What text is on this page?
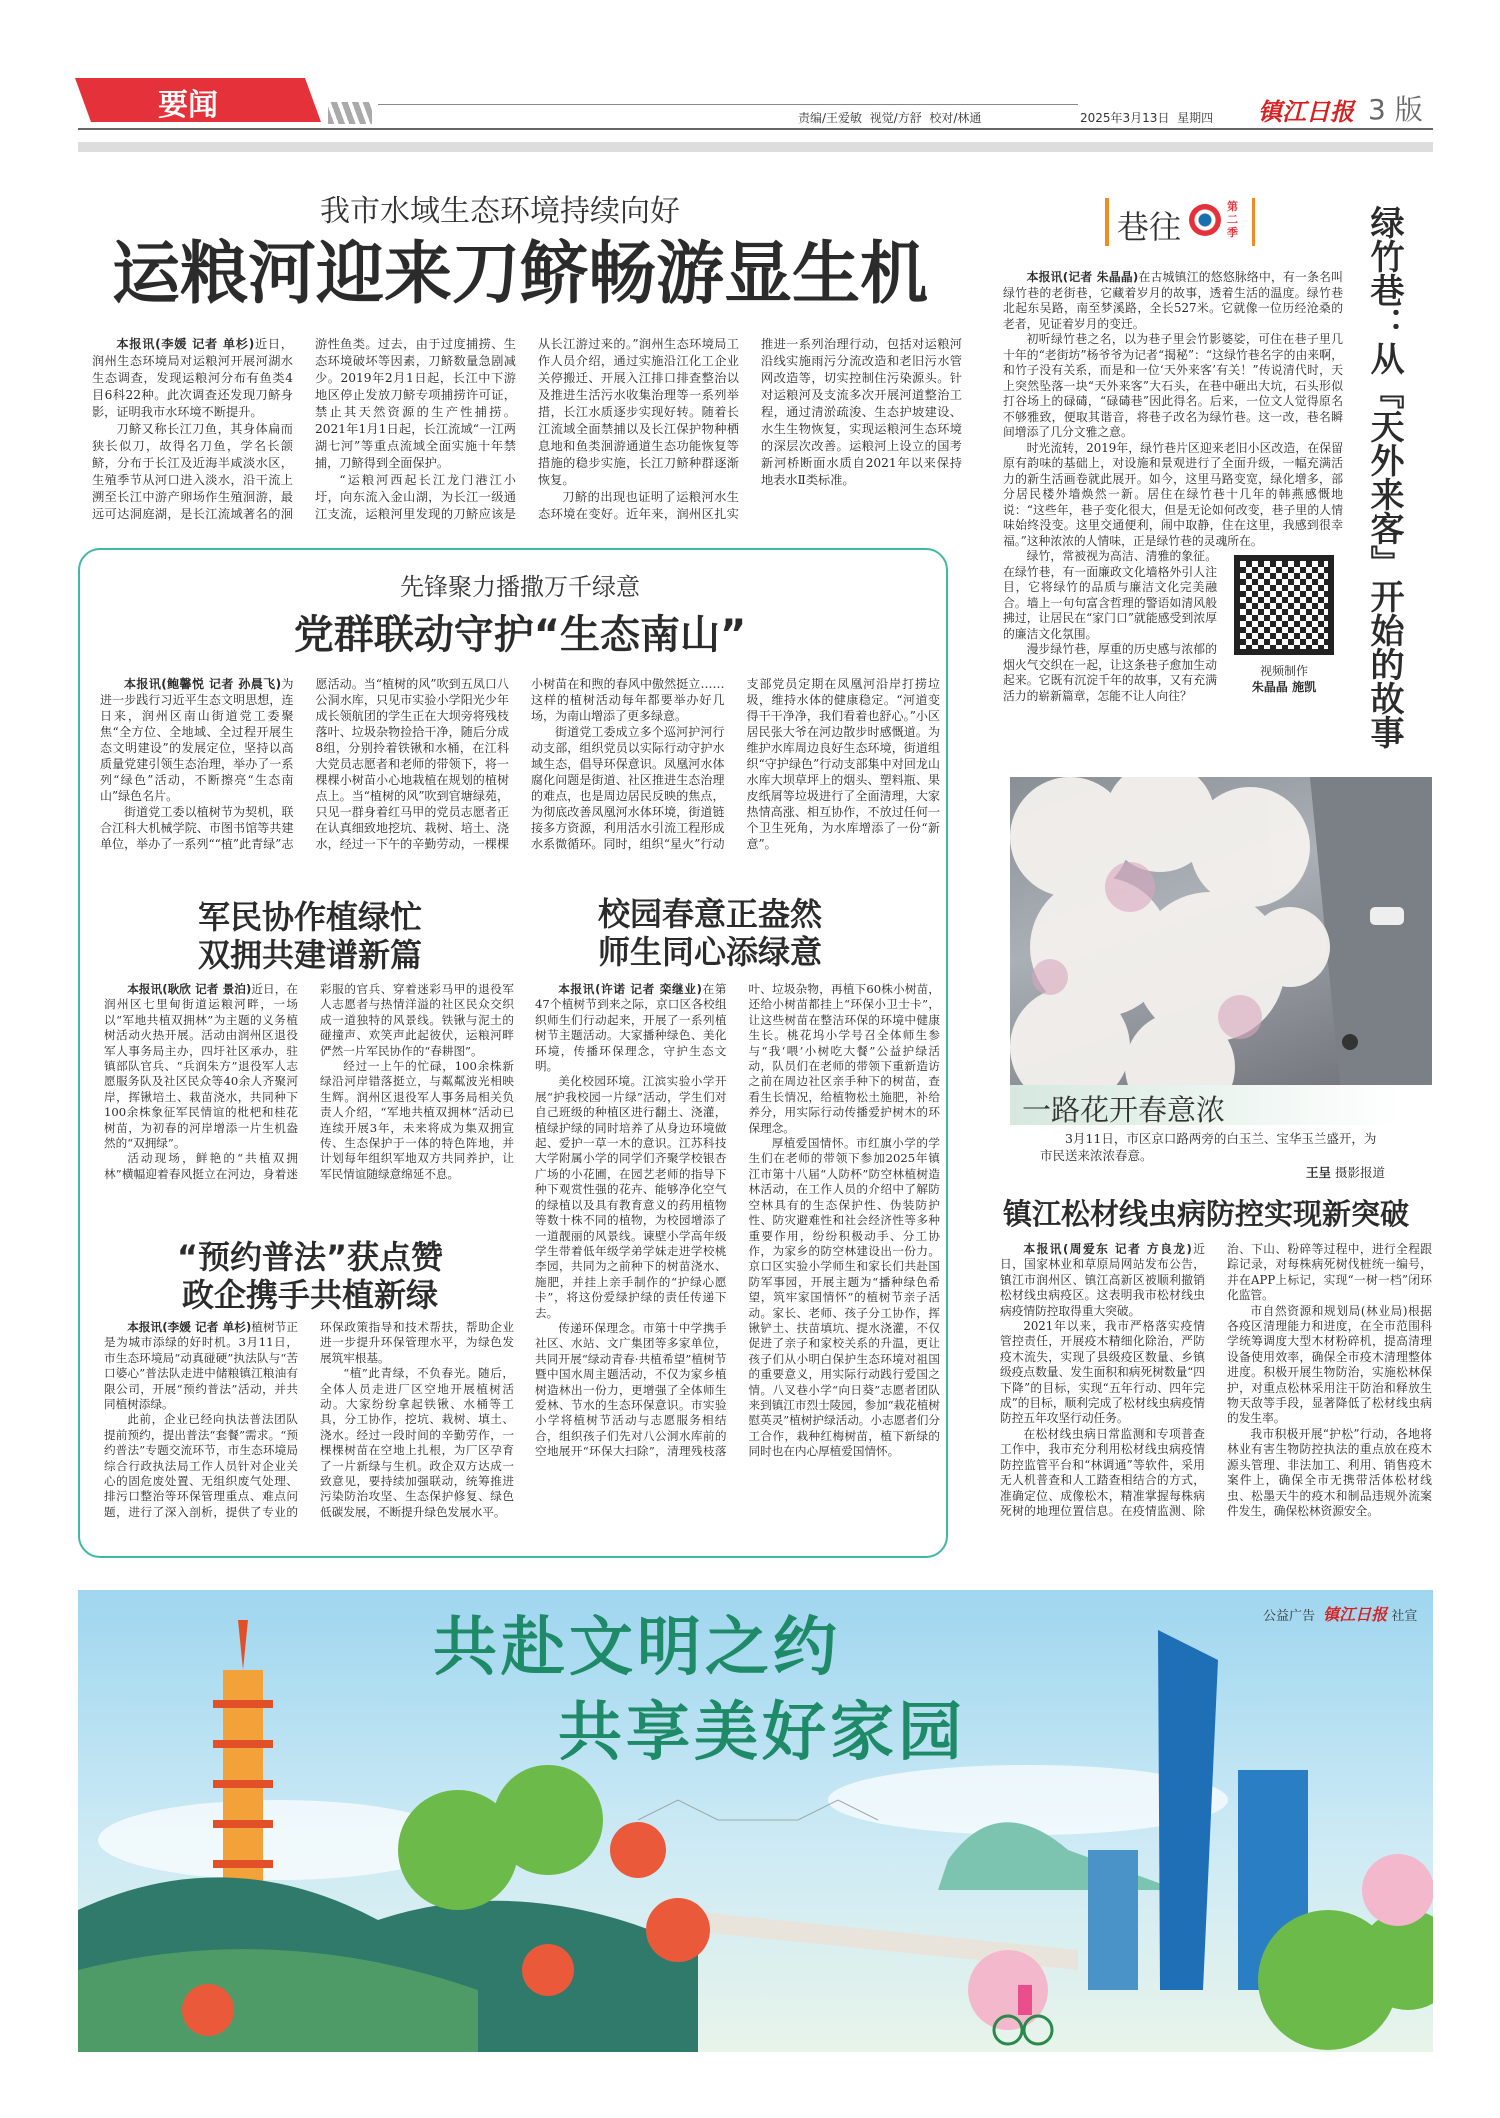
要闻	责编/王爱敏  视觉/方舒  校对/林通	2025年3月13日  星期四 镇江日报 3 版
我市水域生态环境持续向好
运粮河迎来刀鲚畅游显生机

本报讯(李媛 记者 单杉)近日，润州生态环境局对运粮河开展河湖水生态调查，发现运粮河分布有鱼类4目6科22种。此次调查还发现刀鲚身影，证明我市水环境不断提升。

刀鲚又称长江刀鱼，其身体扁而狭长似刀，故得名刀鱼，学名长颌鲚，分布于长江及近海半咸淡水区，生殖季节从河口进入淡水，沿干流上溯至长江中游产卵场作生殖洄游，最远可达洞庭湖，是长江流域著名的洄游性鱼类。过去，由于过度捕捞、生态环境破坏等因素，刀鲚数量急剧减少。2019年2月1日起，长江中下游地区停止发放刀鲚专项捕捞许可证，禁止其天然资源的生产性捕捞。2021年1月1日起，长江流域“一江两湖七河”等重点流域全面实施十年禁捕，刀鲚得到全面保护。

“运粮河西起长江龙门港江小圩，向东流入金山湖，为长江一级通江支流，运粮河里发现的刀鲚应该是从长江游过来的。”润州生态环境局工作人员介绍，通过实施沿江化工企业关停搬迁、开展入江排口排查整治以及推进生活污水收集治理等一系列举措，长江水质逐步实现好转。随着长江流域全面禁捕以及长江保护物种栖息地和鱼类洄游通道生态功能恢复等措施的稳步实施，长江刀鲚种群逐渐恢复。

刀鲚的出现也证明了运粮河水生态环境在变好。近年来，润州区扎实推进一系列治理行动，包括对运粮河沿线实施雨污分流改造和老旧污水管网改造等，切实控制住污染源头。针对运粮河及支流多次开展河道整治工程，通过清淤疏浚、生态护坡建设、水生生物恢复，实现运粮河生态环境的深层次改善。运粮河上设立的国考新河桥断面水质自2021年以来保持地表水Ⅱ类标准。

巷往
第二季	绿竹巷：从『天外来客』开始的故事

本报讯(记者 朱晶晶)在古城镇江的悠悠脉络中，有一条名叫绿竹巷的老街巷，它藏着岁月的故事，透着生活的温度。绿竹巷北起东吴路，南至梦溪路，全长527米。它就像一位历经沧桑的老者，见证着岁月的变迁。

初听绿竹巷之名，以为巷子里会竹影婆娑，可住在巷子里几十年的“老街坊”杨爷爷为记者“揭秘”：“这绿竹巷名字的由来啊，和竹子没有关系，而是和一位‘天外来客’有关！”传说清代时，天上突然坠落一块“天外来客”大石头，在巷中砸出大坑，石头形似打谷场上的碌碡，“碌碡巷”因此得名。后来，一位文人觉得原名不够雅致，便取其谐音，将巷子改名为绿竹巷。这一改，巷名瞬间增添了几分文雅之意。

时光流转，2019年，绿竹巷片区迎来老旧小区改造，在保留原有韵味的基础上，对设施和景观进行了全面升级，一幅充满活力的新生活画卷就此展开。如今，这里马路变宽，绿化增多，部分居民楼外墙焕然一新。居住在绿竹巷十几年的韩燕感慨地说：“这些年，巷子变化很大，但是无论如何改变，巷子里的人情味始终没变。这里交通便利，闹中取静，住在这里，我感到很幸福。”这种浓浓的人情味，正是绿竹巷的灵魂所在。

视频制作
朱晶晶 施凯

绿竹，常被视为高洁、清雅的象征。在绿竹巷，有一面廉政文化墙格外引人注目，它将绿竹的品质与廉洁文化完美融合。墙上一句句富含哲理的警语如清风般拂过，让居民在“家门口”就能感受到浓厚的廉洁文化氛围。

漫步绿竹巷，厚重的历史感与浓郁的烟火气交织在一起，让这条巷子愈加生动起来。它既有沉淀千年的故事，又有充满活力的崭新篇章，怎能不让人向往？

一路花开春意浓
3月11日，市区京口路两旁的白玉兰、宝华玉兰盛开，为市民送来浓浓春意。
王呈 摄影报道
镇江松材线虫病防控实现新突破

本报讯(周爱东 记者 方良龙)近日，国家林业和草原局网站发布公告，镇江市润州区、镇江高新区被顺利撤销松材线虫病疫区。这表明我市松材线虫病疫情防控取得重大突破。

2021年以来，我市严格落实疫情管控责任，开展疫木精细化除治，严防疫木流失，实现了县级疫区数量、乡镇级疫点数量、发生面积和病死树数量“四下降”的目标，实现“五年行动、四年完成”的目标，顺利完成了松材线虫病疫情防控五年攻坚行动任务。

在松材线虫病日常监测和专项普查工作中，我市充分利用松材线虫病疫情防控监管平台和“林调通”等软件，采用无人机普查和人工踏查相结合的方式，准确定位、成像松木，精准掌握每株病死树的地理位置信息。在疫情监测、除治、下山、粉碎等过程中，进行全程跟踪记录，对每株病死树伐桩统一编号，并在APP上标记，实现“一树一档”闭环化监管。

市自然资源和规划局(林业局)根据各疫区清理能力和进度，在全市范围科学统筹调度大型木材粉碎机，提高清理设备使用效率，确保全市疫木清理整体进度。积极开展生物防治，实施松林保护，对重点松林采用注干防治和释放生物天敌等手段，显著降低了松材线虫病的发生率。

我市积极开展“护松”行动，各地将林业有害生物防控执法的重点放在疫木源头管理、非法加工、利用、销售疫木案件上，确保全市无携带活体松材线虫、松墨天牛的疫木和制品违规外流案件发生，确保松林资源安全。

先锋聚力播撒万千绿意
党群联动守护“生态南山”

本报讯(鲍馨悦 记者 孙晨飞)为进一步践行习近平生态文明思想，连日来，润州区南山街道党工委聚焦“全方位、全地域、全过程开展生态文明建设”的发展定位，坚持以高质量党建引领生态治理，举办了一系列“绿色”活动，不断擦亮“生态南山”绿色名片。

街道党工委以植树节为契机，联合江科大机械学院、市图书馆等共建单位，举办了一系列““植”此青绿”志愿活动。当“植树的风”吹到五凤口八公洞水库，只见市实验小学阳光少年成长领航团的学生正在大坝旁将残枝落叶、垃圾杂物捡拾干净，随后分成8组，分别拎着铁锹和水桶，在江科大党员志愿者和老师的带领下，将一棵棵小树苗小心地栽植在规划的植树点上。当“植树的风”吹到官塘绿苑，只见一群身着红马甲的党员志愿者正在认真细致地挖坑、栽树、培土、浇水，经过一下午的辛勤劳动，一棵棵小树苗在和煦的春风中傲然挺立……这样的植树活动每年都要举办好几场，为南山增添了更多绿意。

街道党工委成立多个巡河护河行动支部，组织党员以实际行动守护水域生态，倡导环保意识。凤凰河水体腐化问题是街道、社区推进生态治理的难点，也是周边居民反映的焦点，为彻底改善凤凰河水体环境，街道链接多方资源，利用活水引流工程形成水系微循环。同时，组织“星火”行动支部党员定期在凤凰河沿岸打捞垃圾，维持水体的健康稳定。“河道变得干干净净，我们看着也舒心。”小区居民张大爷在河边散步时感慨道。为维护水库周边良好生态环境，街道组织“守护绿色”行动支部集中对回龙山水库大坝草坪上的烟头、塑料瓶、果皮纸屑等垃圾进行了全面清理，大家热情高涨、相互协作，不放过任何一个卫生死角，为水库增添了一份“新意”。

军民协作植绿忙
双拥共建谱新篇

本报讯(耿欣 记者 景泊)近日，在润州区七里甸街道运粮河畔，一场以“军地共植双拥林”为主题的义务植树活动火热开展。活动由润州区退役军人事务局主办，四圩社区承办，驻镇部队官兵、“兵润朱方”退役军人志愿服务队及社区民众等40余人齐聚河岸，挥锹培土、栽苗浇水，共同种下100余株象征军民情谊的枇杷和桂花树苗，为初春的河岸增添一片生机盎然的“双拥绿”。

活动现场，鲜艳的“共植双拥林”横幅迎着春风挺立在河边，身着迷彩服的官兵、穿着迷彩马甲的退役军人志愿者与热情洋溢的社区民众交织成一道独特的风景线。铁锹与泥土的碰撞声、欢笑声此起彼伏，运粮河畔俨然一片军民协作的“春耕图”。

经过一上午的忙碌，100余株新绿沿河岸错落挺立，与粼粼波光相映生辉。润州区退役军人事务局相关负责人介绍，“军地共植双拥林”活动已连续开展3年，未来将成为集双拥宣传、生态保护于一体的特色阵地，并计划每年组织军地双方共同养护，让军民情谊随绿意绵延不息。

“预约普法”获点赞
政企携手共植新绿

本报讯(李媛 记者 单杉)植树节正是为城市添绿的好时机。3月11日，市生态环境局“动真碰硬”执法队与“苦口婆心”普法队走进中储粮镇江粮油有限公司，开展“预约普法”活动，并共同植树添绿。

此前，企业已经向执法普法团队提前预约，提出普法“套餐”需求。“预约普法”专题交流环节，市生态环境局综合行政执法局工作人员针对企业关心的固危废处置、无组织废气处理、排污口整治等环保管理重点、难点问题，进行了深入剖析，提供了专业的环保政策指导和技术帮扶，帮助企业进一步提升环保管理水平，为绿色发展筑牢根基。

“植”此青绿，不负春光。随后，全体人员走进厂区空地开展植树活动。大家纷纷拿起铁锹、水桶等工具，分工协作，挖坑、栽树、填土、浇水。经过一段时间的辛勤劳作，一棵棵树苗在空地上扎根，为厂区孕育了一片新绿与生机。政企双方达成一致意见，要持续加强联动，统筹推进污染防治攻坚、生态保护修复、绿色低碳发展，不断提升绿色发展水平。

校园春意正盎然
师生同心添绿意

本报讯(许诺 记者 栾继业)在第47个植树节到来之际，京口区各校组织师生们行动起来，开展了一系列植树节主题活动。大家播种绿色、美化环境，传播环保理念，守护生态文明。

美化校园环境。江滨实验小学开展“护我校园一片绿”活动，学生们对自己班级的种植区进行翻土、浇灌，植绿护绿的同时培养了从身边环境做起、爱护一草一木的意识。江苏科技大学附属小学的同学们齐聚学校银杏广场的小花圃，在园艺老师的指导下种下观赏性强的花卉、能够净化空气的绿植以及具有教育意义的药用植物等数十株不同的植物，为校园增添了一道靓丽的风景线。谏壁小学高年级学生带着低年级学弟学妹走进学校桃李园，共同为之前种下的树苗浇水、施肥，并挂上亲手制作的“护绿心愿卡”，将这份爱绿护绿的责任传递下去。

传递环保理念。市第十中学携手社区、水站、文广集团等多家单位，共同开展“绿动青春·共植希望”植树节暨中国水周主题活动，不仅为家乡植树造林出一份力，更增强了全体师生爱林、节水的生态环保意识。市实验小学将植树节活动与志愿服务相结合，组织孩子们先对八公洞水库前的空地展开“环保大扫除”，清理残枝落叶、垃圾杂物，再植下60株小树苗，还给小树苗都挂上“环保小卫士卡”，让这些树苗在整洁环保的环境中健康生长。桃花坞小学号召全体师生参与“我‘喂’小树吃大餐”公益护绿活动，队员们在老师的带领下重新造访之前在周边社区亲手种下的树苗，查看生长情况，给植物松土施肥，补给养分，用实际行动传播爱护树木的环保理念。

厚植爱国情怀。市红旗小学的学生们在老师的带领下参加2025年镇江市第十八届“人防杯”防空林植树造林活动，在工作人员的介绍中了解防空林具有的生态保护性、伪装防护性、防灾避难性和社会经济性等多种重要作用，纷纷积极动手、分工协作，为家乡的防空林建设出一份力。京口区实验小学师生和家长们共赴国防军事园，开展主题为“播种绿色希望，筑牢家国情怀”的植树节亲子活动。家长、老师、孩子分工协作，挥锹铲土、扶苗填坑、提水浇灌，不仅促进了亲子和家校关系的升温，更让孩子们从小明白保护生态环境对祖国的重要意义，用实际行动践行爱国之情。八叉巷小学“向日葵”志愿者团队来到镇江市烈士陵园，参加“栽花植树慰英灵”植树护绿活动。小志愿者们分工合作，栽种红梅树苗，植下新绿的同时也在内心厚植爱国情怀。

共赴文明之约
共享美好家园
公益广告 镇江日报 社宣
